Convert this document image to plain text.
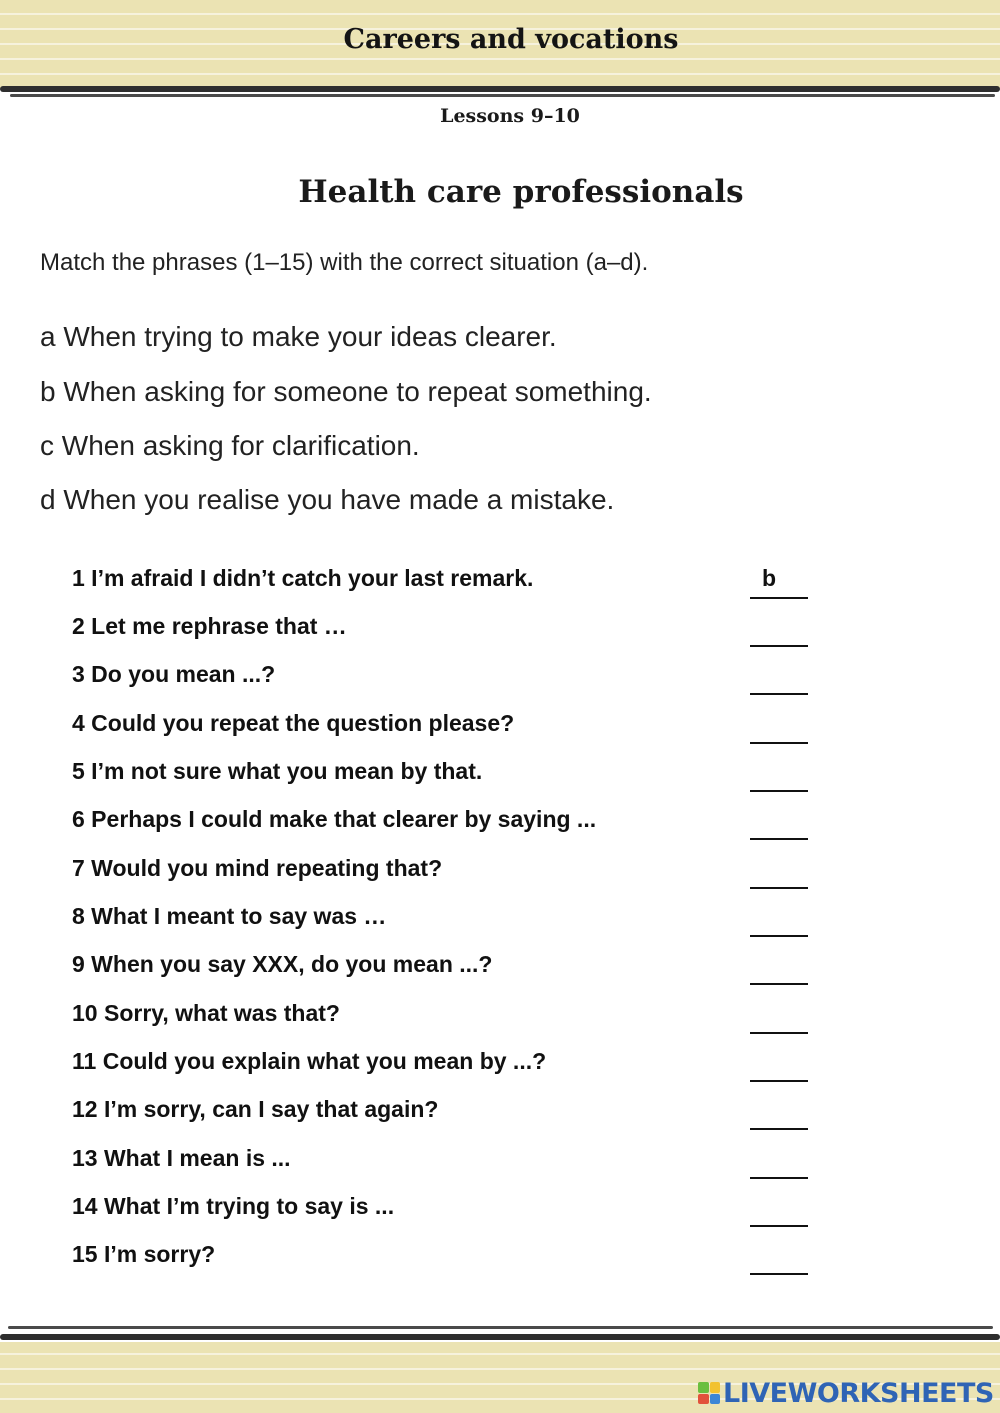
Careers and vocations
Lessons 9–10
Health care professionals
Match the phrases (1–15) with the correct situation (a–d).
a When trying to make your ideas clearer.
b When asking for someone to repeat something.
c When asking for clarification.
d When you realise you have made a mistake.
1 I’m afraid I didn’t catch your last remark.
2 Let me rephrase that …
3 Do you mean ...?
4 Could you repeat the question please?
5 I’m not sure what you mean by that.
6 Perhaps I could make that clearer by saying ...
7 Would you mind repeating that?
8 What I meant to say was …
9 When you say XXX, do you mean ...?
10 Sorry, what was that?
11 Could you explain what you mean by ...?
12 I’m sorry, can I say that again?
13 What I mean is ...
14 What I’m trying to say is ...
15 I’m sorry?
b
LIVEWORKSHEETS
